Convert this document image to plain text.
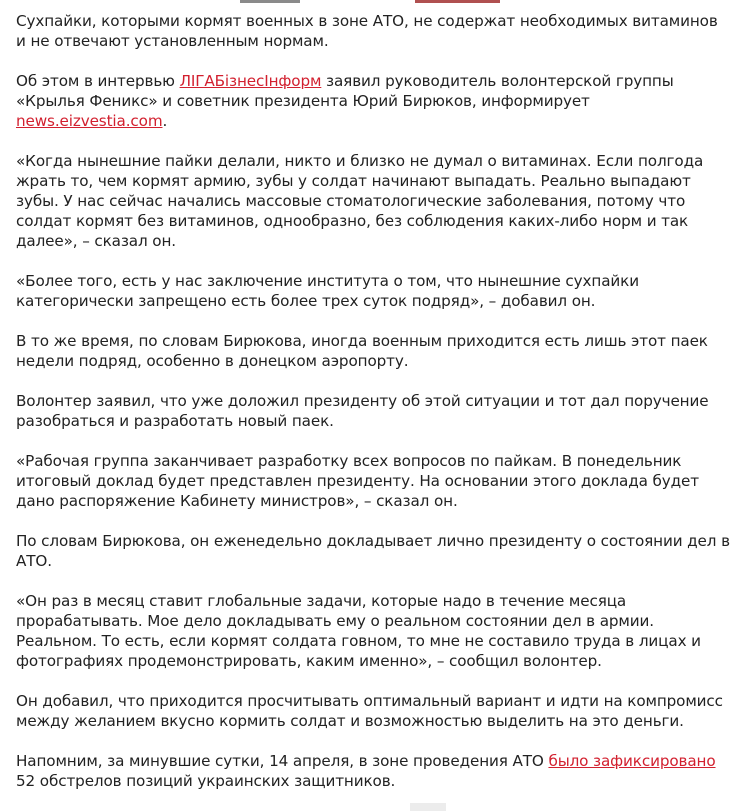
Сухпайки, которыми кормят военных в зоне АТО, не содержат необходимых витаминов и не отвечают установленным нормам.

Об этом в интервью ЛIГАБiзнесIнформ заявил руководитель волонтерской группы «Крылья Феникс» и советник президента Юрий Бирюков, информирует news.eizvestia.com.

«Когда нынешние пайки делали, никто и близко не думал о витаминах. Если полгода жрать то, чем кормят армию, зубы у солдат начинают выпадать. Реально выпадают зубы. У нас сейчас начались массовые стоматологические заболевания, потому что солдат кормят без витаминов, однообразно, без соблюдения каких-либо норм и так далее», – сказал он.

«Более того, есть у нас заключение института о том, что нынешние сухпайки категорически запрещено есть более трех суток подряд», – добавил он.

В то же время, по словам Бирюкова, иногда военным приходится есть лишь этот паек недели подряд, особенно в донецком аэропорту.

Волонтер заявил, что уже доложил президенту об этой ситуации и тот дал поручение разобраться и разработать новый паек.

«Рабочая группа заканчивает разработку всех вопросов по пайкам. В понедельник итоговый доклад будет представлен президенту. На основании этого доклада будет дано распоряжение Кабинету министров», – сказал он.

По словам Бирюкова, он еженедельно докладывает лично президенту о состоянии дел в АТО.

«Он раз в месяц ставит глобальные задачи, которые надо в течение месяца прорабатывать. Мое дело докладывать ему о реальном состоянии дел в армии. Реальном. То есть, если кормят солдата говном, то мне не составило труда в лицах и фотографиях продемонстрировать, каким именно», – сообщил волонтер.

Он добавил, что приходится просчитывать оптимальный вариант и идти на компромисс между желанием вкусно кормить солдат и возможностью выделить на это деньги.

Напомним, за минувшие сутки, 14 апреля, в зоне проведения АТО было зафиксировано 52 обстрелов позиций украинских защитников.
